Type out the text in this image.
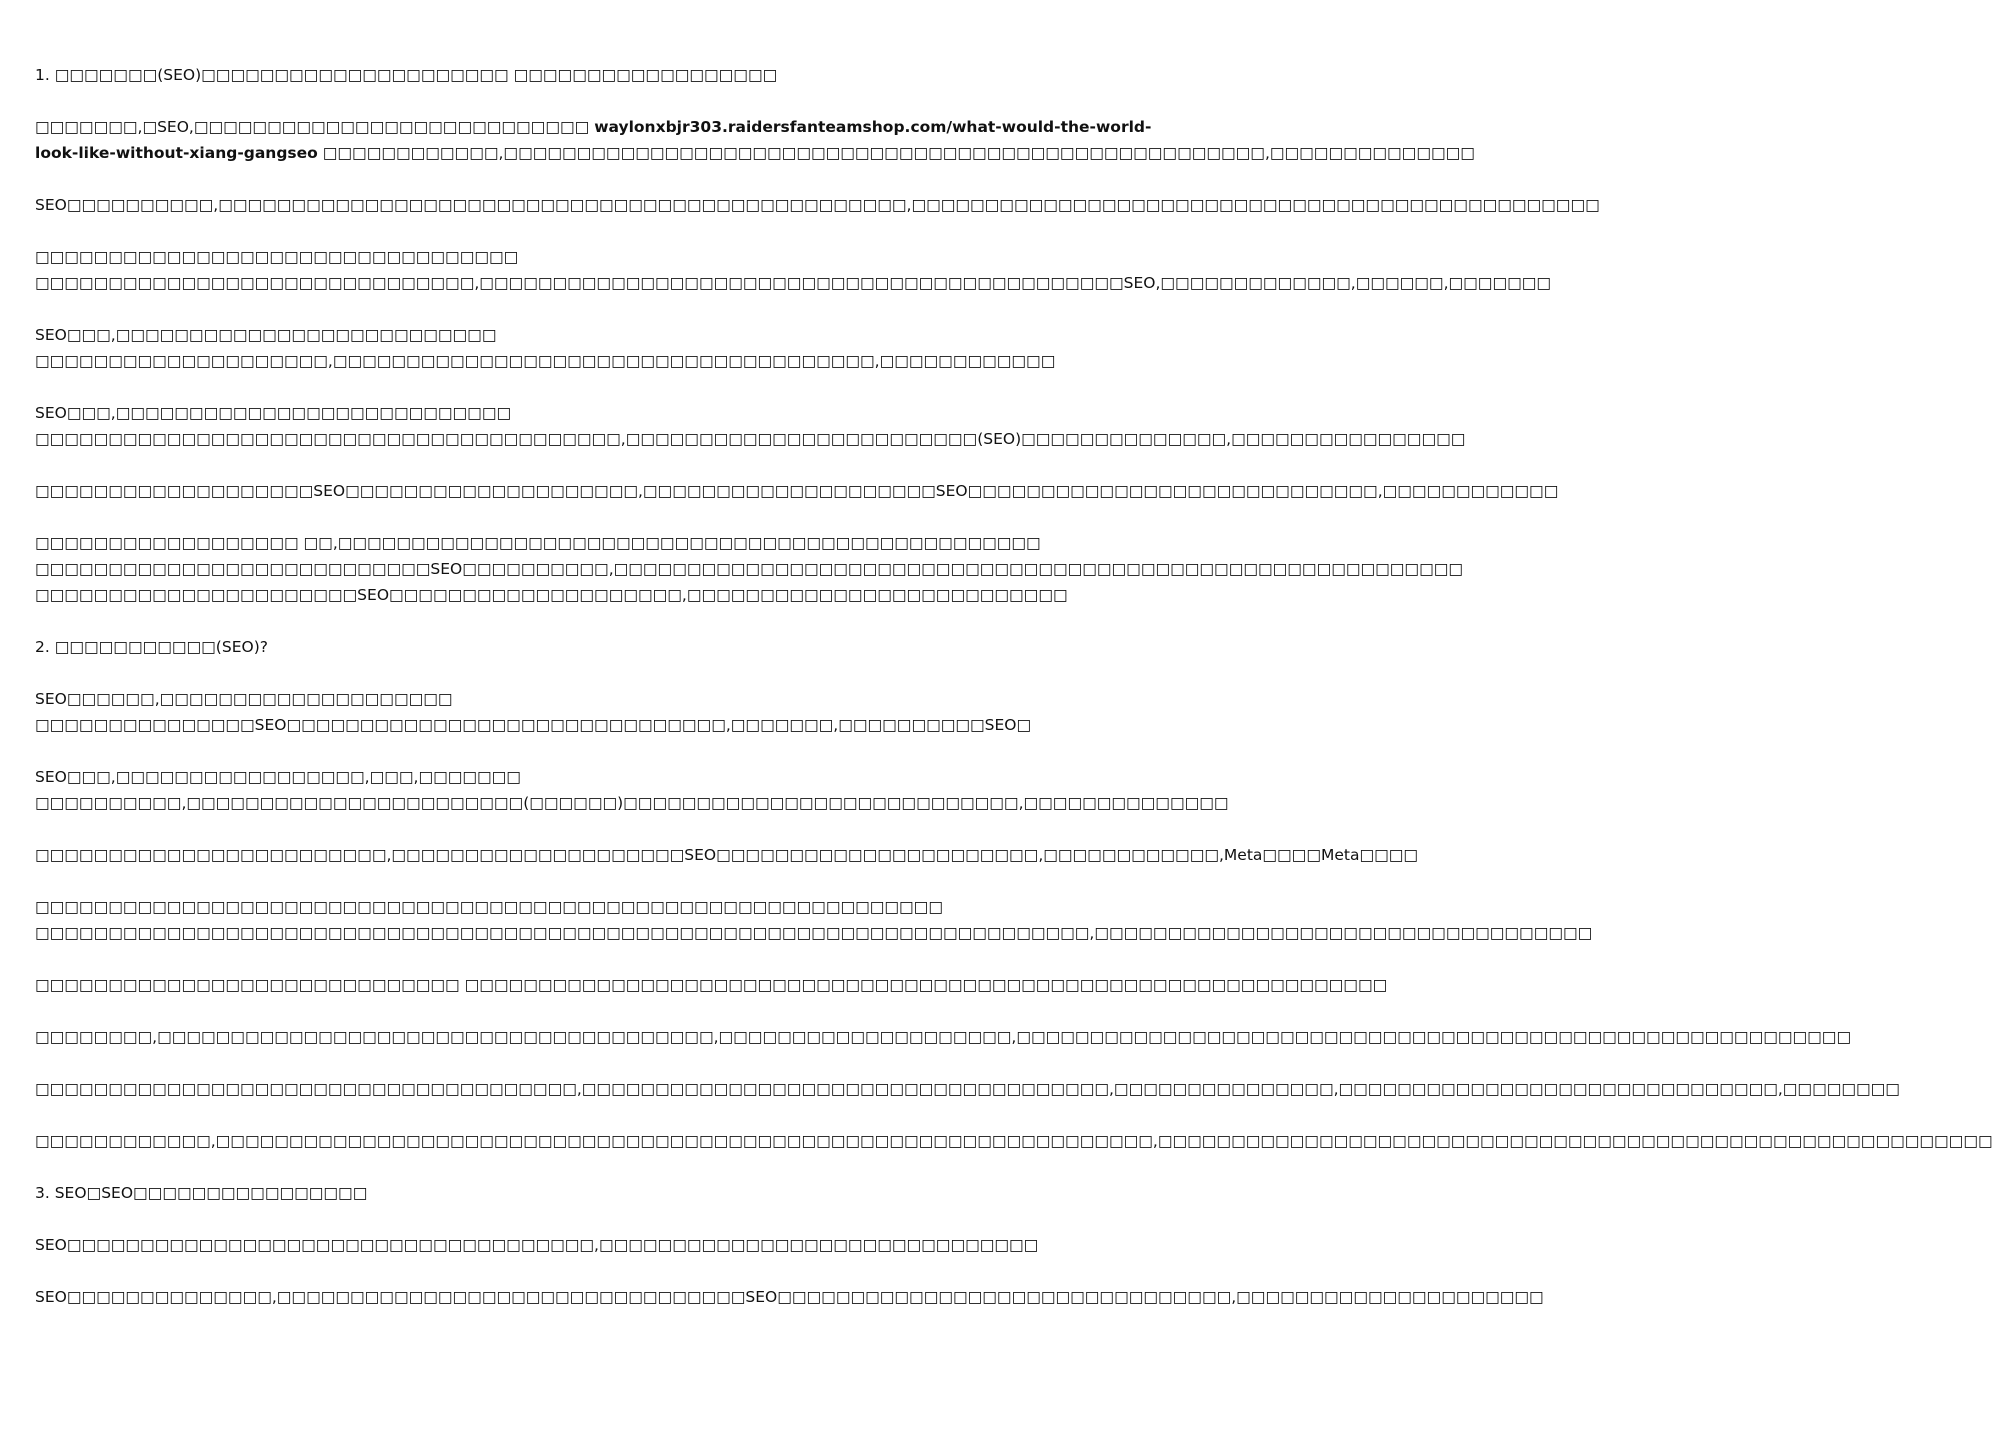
1. □□□□□□□(SEO)□□□□□□□□□□□□□□□□□□□□□ □□□□□□□□□□□□□□□□□□

□□□□□□□,□SEO,□□□□□□□□□□□□□□□□□□□□□□□□□□□ waylonxbjr303.raidersfanteamshop.com/what-would-the-world-
look-like-without-xiang-gangseo □□□□□□□□□□□□,□□□□□□□□□□□□□□□□□□□□□□□□□□□□□□□□□□□□□□□□□□□□□□□□□□□□,□□□□□□□□□□□□□□

SEO□□□□□□□□□□,□□□□□□□□□□□□□□□□□□□□□□□□□□□□□□□□□□□□□□□□□□□□□□□,□□□□□□□□□□□□□□□□□□□□□□□□□□□□□□□□□□□□□□□□□□□□□□□

□□□□□□□□□□□□□□□□□□□□□□□□□□□□□□□□□
□□□□□□□□□□□□□□□□□□□□□□□□□□□□□□,□□□□□□□□□□□□□□□□□□□□□□□□□□□□□□□□□□□□□□□□□□□□SEO,□□□□□□□□□□□□□,□□□□□□,□□□□□□□

SEO□□□,□□□□□□□□□□□□□□□□□□□□□□□□□□
□□□□□□□□□□□□□□□□□□□□,□□□□□□□□□□□□□□□□□□□□□□□□□□□□□□□□□□□□□,□□□□□□□□□□□□

SEO□□□,□□□□□□□□□□□□□□□□□□□□□□□□□□□
□□□□□□□□□□□□□□□□□□□□□□□□□□□□□□□□□□□□□□□□,□□□□□□□□□□□□□□□□□□□□□□□□(SEO)□□□□□□□□□□□□□□,□□□□□□□□□□□□□□□□

□□□□□□□□□□□□□□□□□□□SEO□□□□□□□□□□□□□□□□□□□□,□□□□□□□□□□□□□□□□□□□□SEO□□□□□□□□□□□□□□□□□□□□□□□□□□□□,□□□□□□□□□□□□

□□□□□□□□□□□□□□□□□□ □□,□□□□□□□□□□□□□□□□□□□□□□□□□□□□□□□□□□□□□□□□□□□□□□□□
□□□□□□□□□□□□□□□□□□□□□□□□□□□SEO□□□□□□□□□□,□□□□□□□□□□□□□□□□□□□□□□□□□□□□□□□□□□□□□□□□□□□□□□□□□□□□□□□□□□
□□□□□□□□□□□□□□□□□□□□□□SEO□□□□□□□□□□□□□□□□□□□□,□□□□□□□□□□□□□□□□□□□□□□□□□□

2. □□□□□□□□□□□(SEO)?

SEO□□□□□□,□□□□□□□□□□□□□□□□□□□□
□□□□□□□□□□□□□□□SEO□□□□□□□□□□□□□□□□□□□□□□□□□□□□□□,□□□□□□□,□□□□□□□□□□SEO□

SEO□□□,□□□□□□□□□□□□□□□□□,□□□,□□□□□□□
□□□□□□□□□□,□□□□□□□□□□□□□□□□□□□□□□□(□□□□□□)□□□□□□□□□□□□□□□□□□□□□□□□□□□,□□□□□□□□□□□□□□

□□□□□□□□□□□□□□□□□□□□□□□□,□□□□□□□□□□□□□□□□□□□□SEO□□□□□□□□□□□□□□□□□□□□□□,□□□□□□□□□□□□,Meta□□□□Meta□□□□

□□□□□□□□□□□□□□□□□□□□□□□□□□□□□□□□□□□□□□□□□□□□□□□□□□□□□□□□□□□□□□
□□□□□□□□□□□□□□□□□□□□□□□□□□□□□□□□□□□□□□□□□□□□□□□□□□□□□□□□□□□□□□□□□□□□□□□□,□□□□□□□□□□□□□□□□□□□□□□□□□□□□□□□□□□

□□□□□□□□□□□□□□□□□□□□□□□□□□□□□ □□□□□□□□□□□□□□□□□□□□□□□□□□□□□□□□□□□□□□□□□□□□□□□□□□□□□□□□□□□□□□□

□□□□□□□□,□□□□□□□□□□□□□□□□□□□□□□□□□□□□□□□□□□□□□□,□□□□□□□□□□□□□□□□□□□□,□□□□□□□□□□□□□□□□□□□□□□□□□□□□□□□□□□□□□□□□□□□□□□□□□□□□□□□□□

□□□□□□□□□□□□□□□□□□□□□□□□□□□□□□□□□□□□□,□□□□□□□□□□□□□□□□□□□□□□□□□□□□□□□□□□□□,□□□□□□□□□□□□□□□,□□□□□□□□□□□□□□□□□□□□□□□□□□□□□□,□□□□□□□□

□□□□□□□□□□□□,□□□□□□□□□□□□□□□□□□□□□□□□□□□□□□□□□□□□□□□□□□□□□□□□□□□□□□□□□□□□□□□□,□□□□□□□□□□□□□□□□□□□□□□□□□□□□□□□□□□□□□□□□□□□□□□□□□□□□□□□□□

3. SEO□SEO□□□□□□□□□□□□□□□□

SEO□□□□□□□□□□□□□□□□□□□□□□□□□□□□□□□□□□□□,□□□□□□□□□□□□□□□□□□□□□□□□□□□□□□

SEO□□□□□□□□□□□□□□,□□□□□□□□□□□□□□□□□□□□□□□□□□□□□□□□SEO□□□□□□□□□□□□□□□□□□□□□□□□□□□□□□□,□□□□□□□□□□□□□□□□□□□□□
